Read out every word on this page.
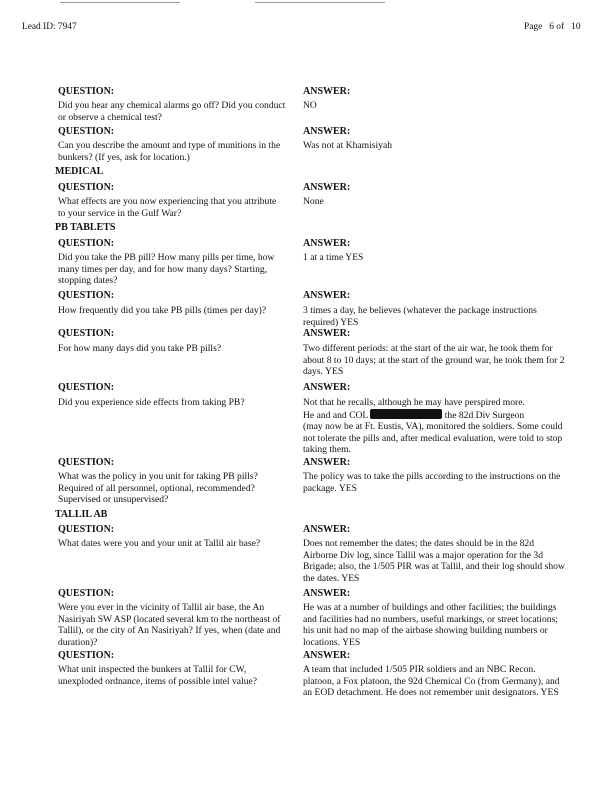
Lead ID: 7947	Page   6 of   10
QUESTION:
Did you hear any chemical alarms go off? Did you conduct or observe a chemical test?
ANSWER:
NO
QUESTION:
Can you describe the amount and type of munitions in the bunkers? (If yes, ask for location.)
ANSWER:
Was not at Khamisiyah
MEDICAL
QUESTION:
What effects are you now experiencing that you attribute to your service in the Gulf War?
ANSWER:
None
PB TABLETS
QUESTION:
Did you take the PB pill? How many pills per time, how many times per day, and for how many days? Starting, stopping dates?
ANSWER:
1 at a time YES
QUESTION:
How frequently did you take PB pills (times per day)?
ANSWER:
3 times a day, he believes (whatever the package instructions required) YES
QUESTION:
For how many days did you take PB pills?
ANSWER:
Two different periods: at the start of the air war, he took them for about 8 to 10 days; at the start of the ground war, he took them for 2 days. YES
QUESTION:
Did you experience side effects from taking PB?
ANSWER:
Not that he recalls, although he may have perspired more.
He and and COL	the 82d Div Surgeon
(may now be at Ft. Eustis, VA), monitored the soldiers. Some could not tolerate the pills and, after medical evaluation, were told to stop taking them.
QUESTION:
What was the policy in you unit for taking PB pills? Required of all personnel, optional, recommended? Supervised or unsupervised?
ANSWER:
The policy was to take the pills according to the instructions on the package. YES
TALLIL AB
QUESTION:
What dates were you and your unit at Tallil air base?
ANSWER:
Does not remember the dates; the dates should be in the 82d Airborne Div log, since Tallil was a major operation for the 3d Brigade; also, the 1/505 PIR was at Tallil, and their log should show the dates. YES
QUESTION:
Were you ever in the vicinity of Tallil air base, the An Nasiriyah SW ASP (located several km to the northeast of Tallil), or the city of An Nasiriyah? If yes, when (date and duration)?
ANSWER:
He was at a number of buildings and other facilities; the buildings and facilities had no numbers, useful markings, or street locations; his unit had no map of the airbase showing building numbers or locations. YES
QUESTION:
What unit inspected the bunkers at Tallil for CW, unexploded ordnance, items of possible intel value?
ANSWER:
A team that included 1/505 PIR soldiers and an NBC Recon. platoon, a Fox platoon, the 92d Chemical Co (from Germany), and an EOD detachment. He does not remember unit designators. YES
